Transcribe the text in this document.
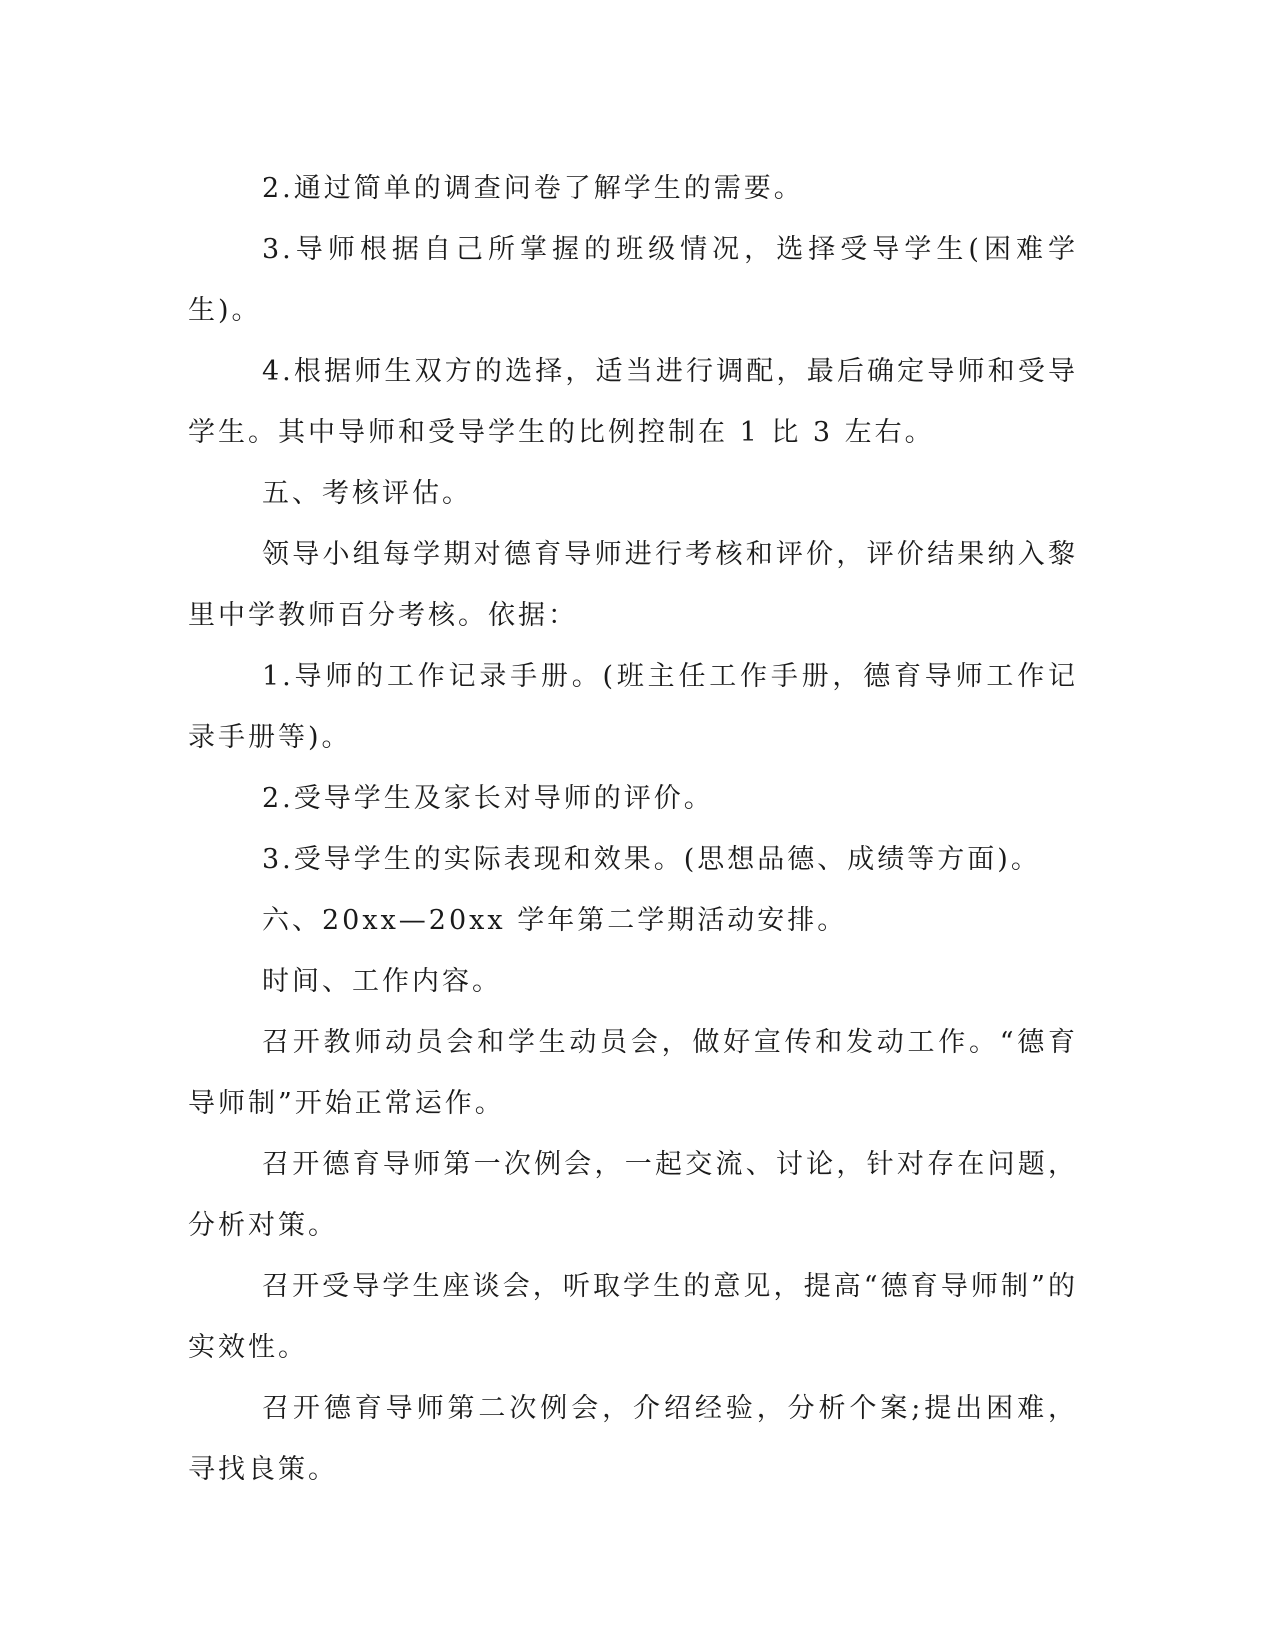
2.通过简单的调查问卷了解学生的需要。

3.导师根据自己所掌握的班级情况，选择受导学生(困难学生)。

4.根据师生双方的选择，适当进行调配，最后确定导师和受导学生。其中导师和受导学生的比例控制在 1 比 3 左右。

五、考核评估。

领导小组每学期对德育导师进行考核和评价，评价结果纳入黎里中学教师百分考核。依据：

1.导师的工作记录手册。(班主任工作手册，德育导师工作记录手册等)。

2.受导学生及家长对导师的评价。

3.受导学生的实际表现和效果。(思想品德、成绩等方面)。

六、20xx—20xx 学年第二学期活动安排。

时间、工作内容。

召开教师动员会和学生动员会，做好宣传和发动工作。“德育导师制”开始正常运作。

召开德育导师第一次例会，一起交流、讨论，针对存在问题，分析对策。

召开受导学生座谈会，听取学生的意见，提高“德育导师制”的实效性。

召开德育导师第二次例会，介绍经验，分析个案;提出困难，寻找良策。
